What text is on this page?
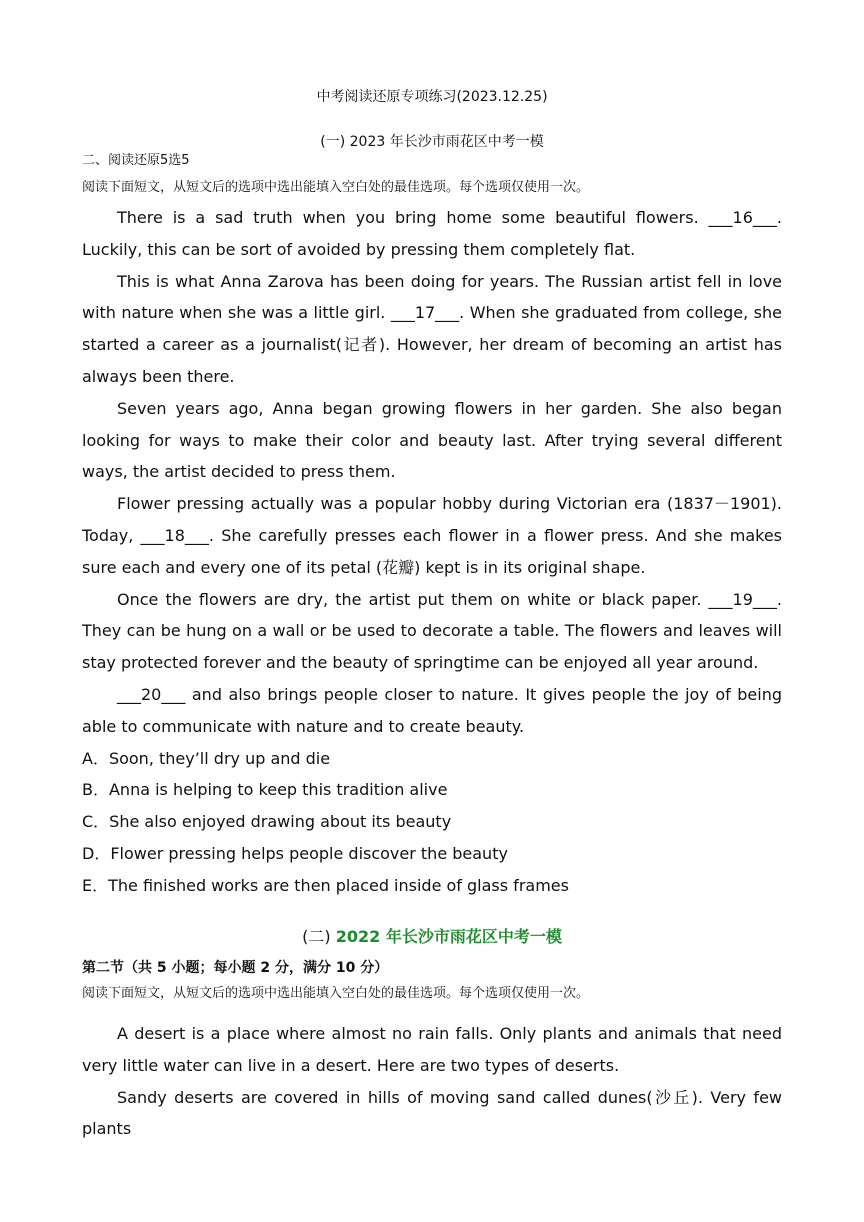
中考阅读还原专项练习(2023.12.25)
(一) 2023 年长沙市雨花区中考一模
二、阅读还原5选5
阅读下面短文，从短文后的选项中选出能填入空白处的最佳选项。每个选项仅使用一次。

There is a sad truth when you bring home some beautiful flowers. ___16___. Luckily, this can be sort of avoided by pressing them completely flat.

This is what Anna Zarova has been doing for years. The Russian artist fell in love with nature when she was a little girl. ___17___. When she graduated from college, she started a career as a journalist(记者). However, her dream of becoming an artist has always been there.

Seven years ago, Anna began growing flowers in her garden. She also began looking for ways to make their color and beauty last. After trying several different ways, the artist decided to press them.

Flower pressing actually was a popular hobby during Victorian era (1837－1901). Today, ___18___. She carefully presses each flower in a flower press. And she makes sure each and every one of its petal (花瓣) kept is in its original shape.

Once the flowers are dry, the artist put them on white or black paper. ___19___. They can be hung on a wall or be used to decorate a table. The flowers and leaves will stay protected forever and the beauty of springtime can be enjoyed all year around.

___20___ and also brings people closer to nature. It gives people the joy of being able to communicate with nature and to create beauty.

A．Soon, they’ll dry up and die
B．Anna is helping to keep this tradition alive
C．She also enjoyed drawing about its beauty
D．Flower pressing helps people discover the beauty
E．The finished works are then placed inside of glass frames
(二) 2022 年长沙市雨花区中考一模
第二节（共 5 小题；每小题 2 分，满分 10 分）
阅读下面短文，从短文后的选项中选出能填入空白处的最佳选项。每个选项仅使用一次。

A desert is a place where almost no rain falls. Only plants and animals that need very little water can live in a desert. Here are two types of deserts.

Sandy deserts are covered in hills of moving sand called dunes(沙丘). Very few plants
